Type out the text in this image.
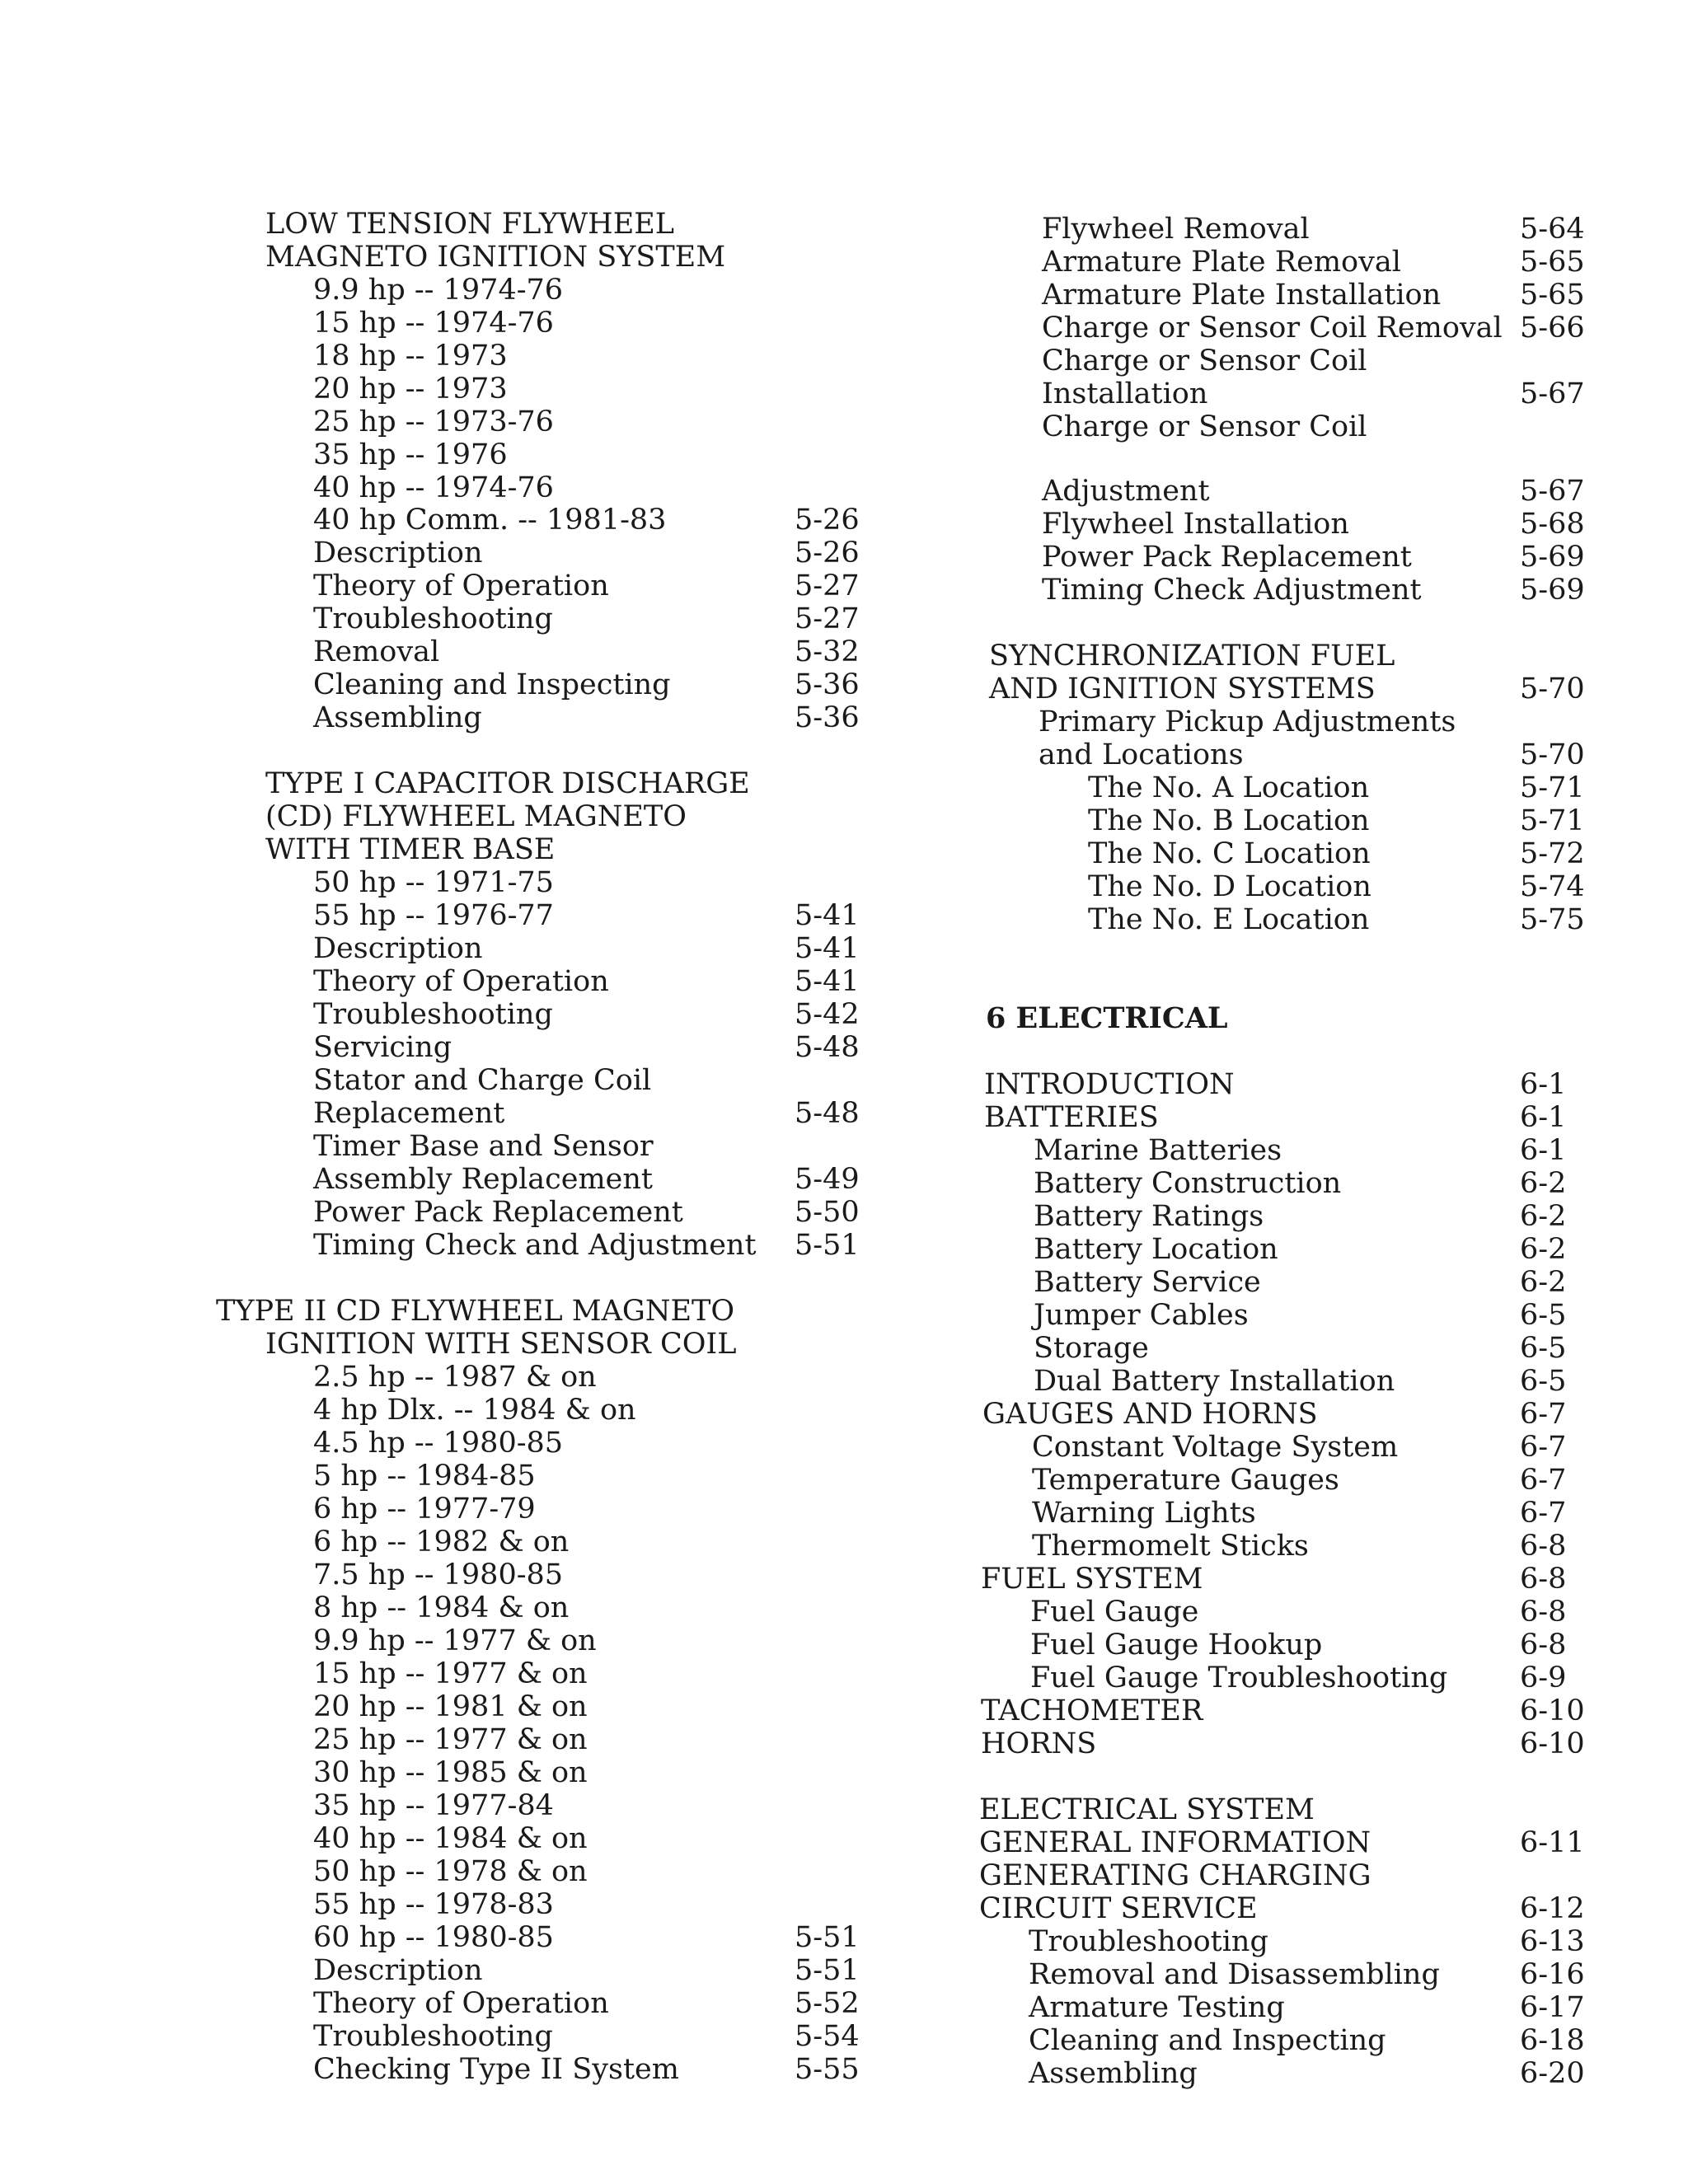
LOW TENSION FLYWHEEL
MAGNETO IGNITION SYSTEM
9.9 hp -- 1974-76
15 hp -- 1974-76
18 hp -- 1973
20 hp -- 1973
25 hp -- 1973-76
35 hp -- 1976
40 hp -- 1974-76
40 hp Comm. -- 1981-83	5-26
Description	5-26
Theory of Operation	5-27
Troubleshooting	5-27
Removal	5-32
Cleaning and Inspecting	5-36
Assembling	5-36
TYPE I CAPACITOR DISCHARGE
(CD) FLYWHEEL MAGNETO
WITH TIMER BASE
50 hp -- 1971-75
55 hp -- 1976-77	5-41
Description	5-41
Theory of Operation	5-41
Troubleshooting	5-42
Servicing	5-48
Stator and Charge Coil
Replacement	5-48
Timer Base and Sensor
Assembly Replacement	5-49
Power Pack Replacement	5-50
Timing Check and Adjustment 5-51
TYPE II CD FLYWHEEL MAGNETO
IGNITION WITH SENSOR COIL
2.5 hp -- 1987 & on
4 hp Dlx. -- 1984 & on
4.5 hp -- 1980-85
5 hp -- 1984-85
6 hp -- 1977-79
6 hp -- 1982 & on
7.5 hp -- 1980-85
8 hp -- 1984 & on
9.9 hp -- 1977 & on
15 hp -- 1977 & on
20 hp -- 1981 & on
25 hp -- 1977 & on
30 hp -- 1985 & on
35 hp -- 1977-84
40 hp -- 1984 & on
50 hp -- 1978 & on
55 hp -- 1978-83
60 hp -- 1980-85	5-51
Description	5-51
Theory of Operation	5-52
Troubleshooting	5-54
Checking Type II System	5-55
Flywheel Removal	5-64
Armature Plate Removal	5-65
Armature Plate Installation	5-65
Charge or Sensor Coil Removal 5-66
Charge or Sensor Coil
Installation	5-67
Charge or Sensor Coil
Adjustment	5-67
Flywheel Installation	5-68
Power Pack Replacement	5-69
Timing Check Adjustment	5-69
SYNCHRONIZATION FUEL
AND IGNITION SYSTEMS	5-70
Primary Pickup Adjustments
and Locations	5-70
The No. A Location	5-71
The No. B Location	5-71
The No. C Location	5-72
The No. D Location	5-74
The No. E Location	5-75
6 ELECTRICAL
INTRODUCTION	6-1
BATTERIES	6-1
Marine Batteries	6-1
Battery Construction	6-2
Battery Ratings	6-2
Battery Location	6-2
Battery Service	6-2
Jumper Cables	6-5
Storage	6-5
Dual Battery Installation	6-5
GAUGES AND HORNS	6-7
Constant Voltage System	6-7
Temperature Gauges	6-7
Warning Lights	6-7
Thermomelt Sticks	6-8
FUEL SYSTEM	6-8
Fuel Gauge	6-8
Fuel Gauge Hookup	6-8
Fuel Gauge Troubleshooting	6-9
TACHOMETER	6-10
HORNS	6-10
ELECTRICAL SYSTEM
GENERAL INFORMATION	6-11
GENERATING CHARGING
CIRCUIT SERVICE	6-12
Troubleshooting	6-13
Removal and Disassembling	6-16
Armature Testing	6-17
Cleaning and Inspecting	6-18
Assembling	6-20
